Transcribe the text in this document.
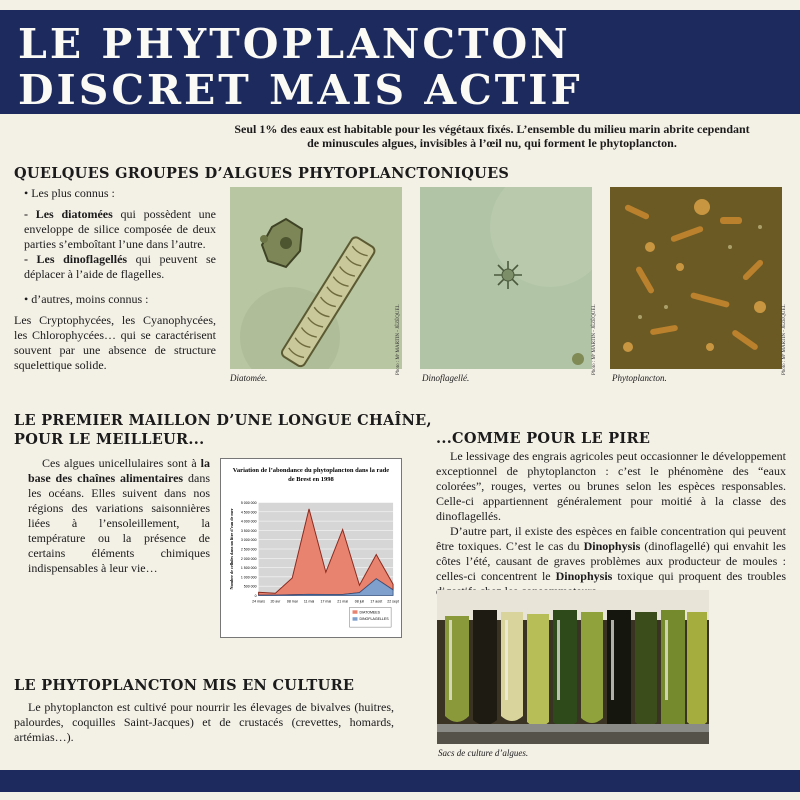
LE PHYTOPLANCTON
DISCRET MAIS ACTIF
Seul 1% des eaux est habitable pour les végétaux fixés. L’ensemble du milieu marin abrite cependant de minuscules algues, invisibles à l’œil nu, qui forment le phytoplancton.
QUELQUES GROUPES D’ALGUES PHYTOPLANCTONIQUES
• Les plus connus :
- Les diatomées qui possèdent une enveloppe de silice composée de deux parties s’emboîtant l’une dans l’autre.
- Les dinoflagellés qui peuvent se déplacer à l’aide de flagelles.
• d’autres, moins connus :
Les Cryptophycées, les Cyanophycées, les Chlorophycées… qui se caractérisent souvent par une absence de structure squelettique solide.	Photo : Mᵉ MARTIN - JÉZÉQUEL
Diatomée.
Photo : Mᵉ MARTIN - JÉZÉQUEL
Dinoflagellé.
Photo : Mᵉ MARTIN - JÉZÉQUEL
Phytoplancton.
LE PREMIER MAILLON D’UNE LONGUE CHAÎNE,
POUR LE MEILLEUR...
Ces algues unicellulaires sont à la base des chaînes alimentaires dans les océans. Elles suivent dans nos régions des variations saisonnières liées à l’ensoleillement, la température ou la présence de certains éléments chimiques indispensables à leur vie…
Variation de l’abondance du phytoplancton dans la rade
de Brest en 1998
5 000 000
4 500 000
4 000 000
3 500 000
3 000 000
2 500 000
2 000 000
1 500 000
1 000 000
500 000
0
24 mars 20 avr 08 mai 11 mai 17 mai 21 mai 08 juil 17 août 22 sept
Nombre de cellules dans un litre d’eau de mer
DIATOMEES
DINOFLAGELLES
...COMME POUR LE PIRE
Le lessivage des engrais agricoles peut occasionner le développement exceptionnel de phytoplancton : c’est le phénomène des “eaux colorées”, rouges, vertes ou brunes selon les espèces responsables. Celle-ci appartiennent généralement pour moitié à la classe des dinoflagellés.
D’autre part, il existe des espèces en faible concentration qui peuvent être toxiques. C’est le cas du Dinophysis (dinoflagellé) qui envahit les côtes l’été, causant de graves problèmes aux producteur de moules : celles-ci concentrent le Dinophysis toxique qui proquent des troubles
Sacs de culture d’algues.
LE PHYTOPLANCTON MIS EN CULTURE
Le phytoplancton est cultivé pour nourrir les élevages de bivalves (huitres, palourdes, coquilles Saint-Jacques) et de crustacés (crevettes, homards, artémias…).
